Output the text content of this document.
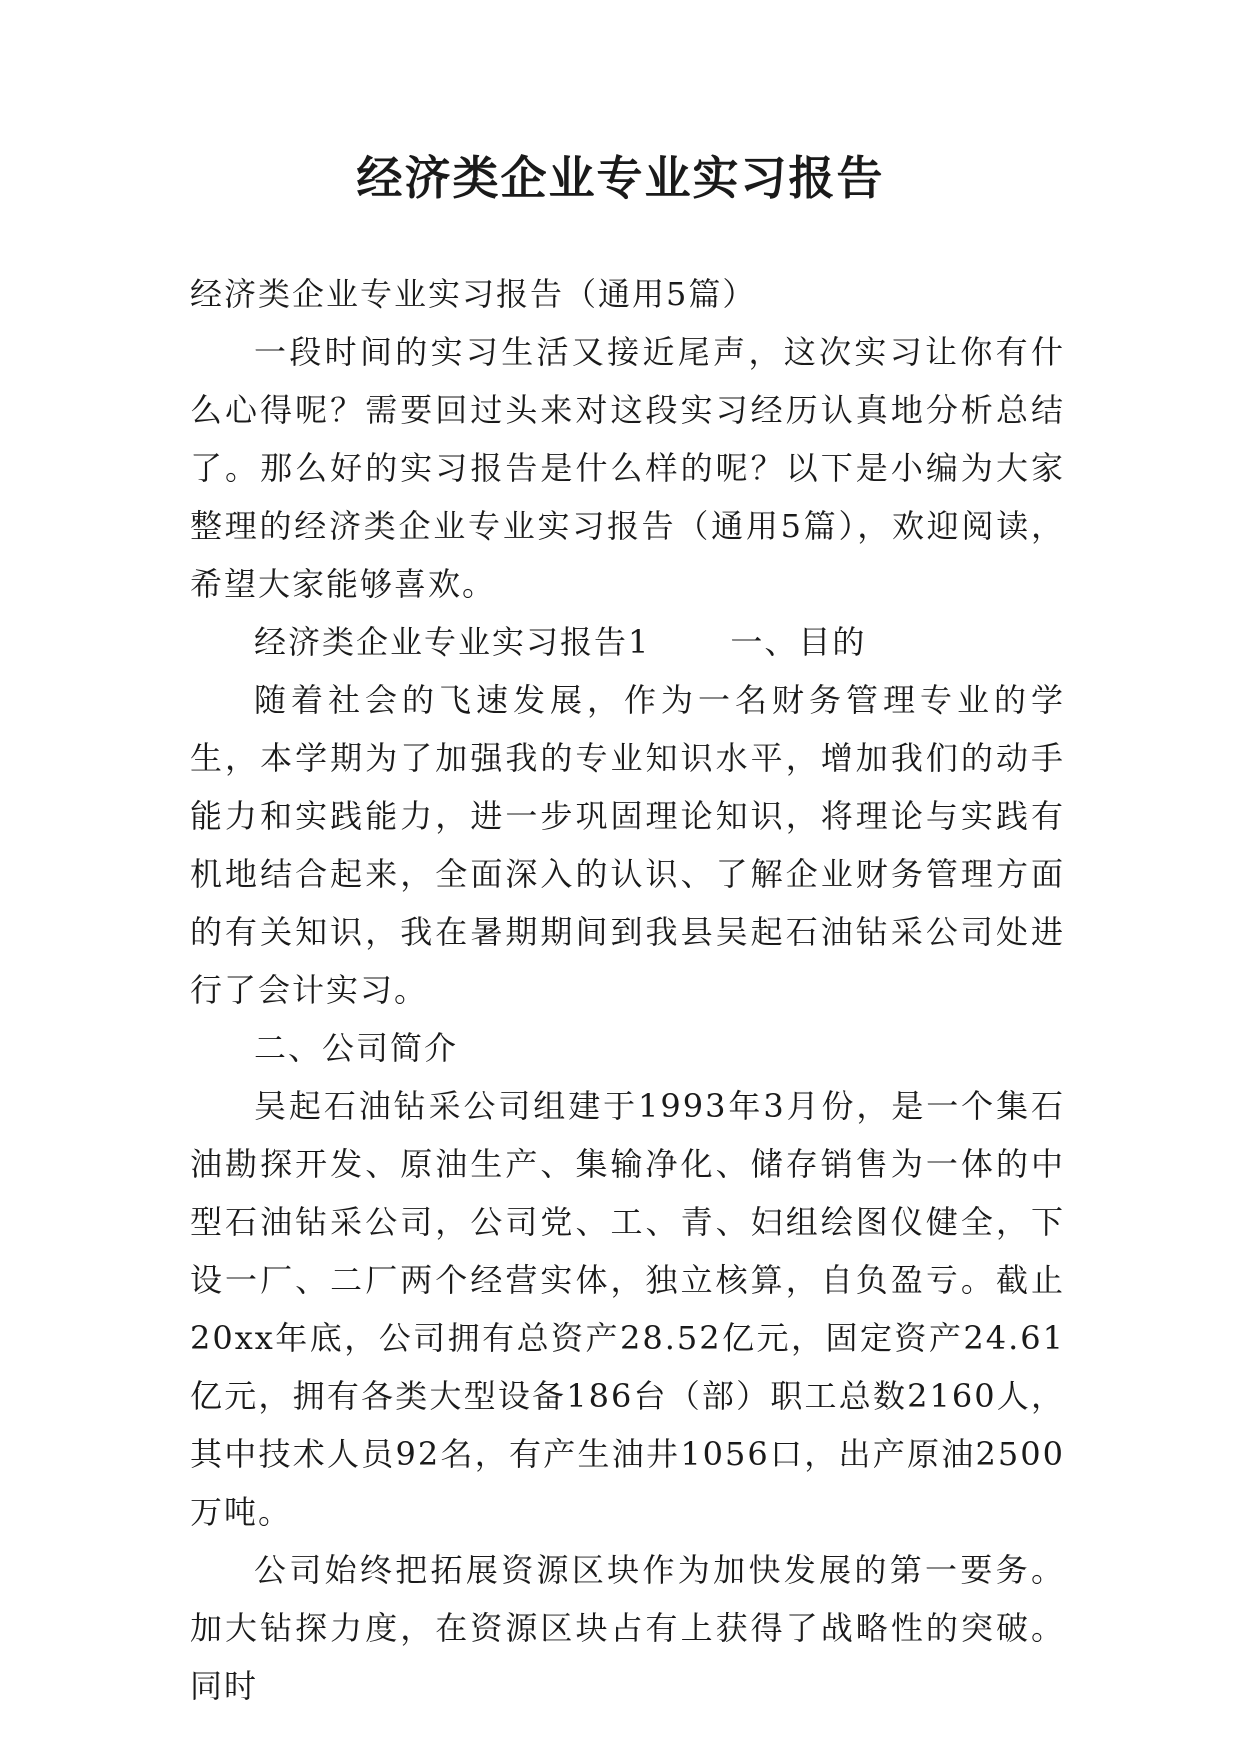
经济类企业专业实习报告

经济类企业专业实习报告（通用5篇）

一段时间的实习生活又接近尾声，这次实习让你有什么心得呢？需要回过头来对这段实习经历认真地分析总结了。那么好的实习报告是什么样的呢？以下是小编为大家整理的经济类企业专业实习报告（通用5篇），欢迎阅读，希望大家能够喜欢。

经济类企业专业实习报告1	一、目的

随着社会的飞速发展，作为一名财务管理专业的学生，本学期为了加强我的专业知识水平，增加我们的动手能力和实践能力，进一步巩固理论知识，将理论与实践有机地结合起来，全面深入的认识、了解企业财务管理方面的有关知识，我在暑期期间到我县吴起石油钻采公司处进行了会计实习。

二、公司简介

吴起石油钻采公司组建于1993年3月份，是一个集石油勘探开发、原油生产、集输净化、储存销售为一体的中型石油钻采公司，公司党、工、青、妇组绘图仪健全，下设一厂、二厂两个经营实体，独立核算，自负盈亏。截止20xx年底，公司拥有总资产28.52亿元，固定资产24.61亿元，拥有各类大型设备186台（部）职工总数2160人，其中技术人员92名，有产生油井1056口，出产原油2500万吨。

公司始终把拓展资源区块作为加快发展的第一要务。加大钻探力度，在资源区块占有上获得了战略性的突破。同时
